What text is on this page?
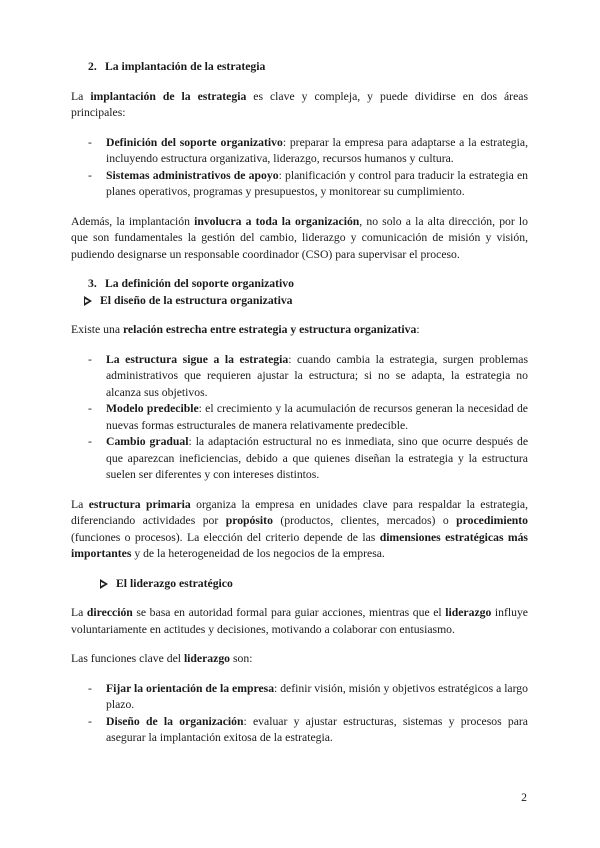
2. La implantación de la estrategia

La implantación de la estrategia es clave y compleja, y puede dividirse en dos áreas principales:

-	Definición del soporte organizativo: preparar la empresa para adaptarse a la estrategia, incluyendo estructura organizativa, liderazgo, recursos humanos y cultura.
-	Sistemas administrativos de apoyo: planificación y control para traducir la estrategia en planes operativos, programas y presupuestos, y monitorear su cumplimiento.

Además, la implantación involucra a toda la organización, no solo a la alta dirección, por lo que son fundamentales la gestión del cambio, liderazgo y comunicación de misión y visión, pudiendo designarse un responsable coordinador (CSO) para supervisar el proceso.

3. La definición del soporte organizativo
El diseño de la estructura organizativa

Existe una relación estrecha entre estrategia y estructura organizativa:

-	La estructura sigue a la estrategia: cuando cambia la estrategia, surgen problemas administrativos que requieren ajustar la estructura; si no se adapta, la estrategia no alcanza sus objetivos.
-	Modelo predecible: el crecimiento y la acumulación de recursos generan la necesidad de nuevas formas estructurales de manera relativamente predecible.
-	Cambio gradual: la adaptación estructural no es inmediata, sino que ocurre después de que aparezcan ineficiencias, debido a que quienes diseñan la estrategia y la estructura suelen ser diferentes y con intereses distintos.

La estructura primaria organiza la empresa en unidades clave para respaldar la estrategia, diferenciando actividades por propósito (productos, clientes, mercados) o procedimiento (funciones o procesos). La elección del criterio depende de las dimensiones estratégicas más importantes y de la heterogeneidad de los negocios de la empresa.

El liderazgo estratégico

La dirección se basa en autoridad formal para guiar acciones, mientras que el liderazgo influye voluntariamente en actitudes y decisiones, motivando a colaborar con entusiasmo.

Las funciones clave del liderazgo son:

-	Fijar la orientación de la empresa: definir visión, misión y objetivos estratégicos a largo plazo.
-	Diseño de la organización: evaluar y ajustar estructuras, sistemas y procesos para asegurar la implantación exitosa de la estrategia.
2
